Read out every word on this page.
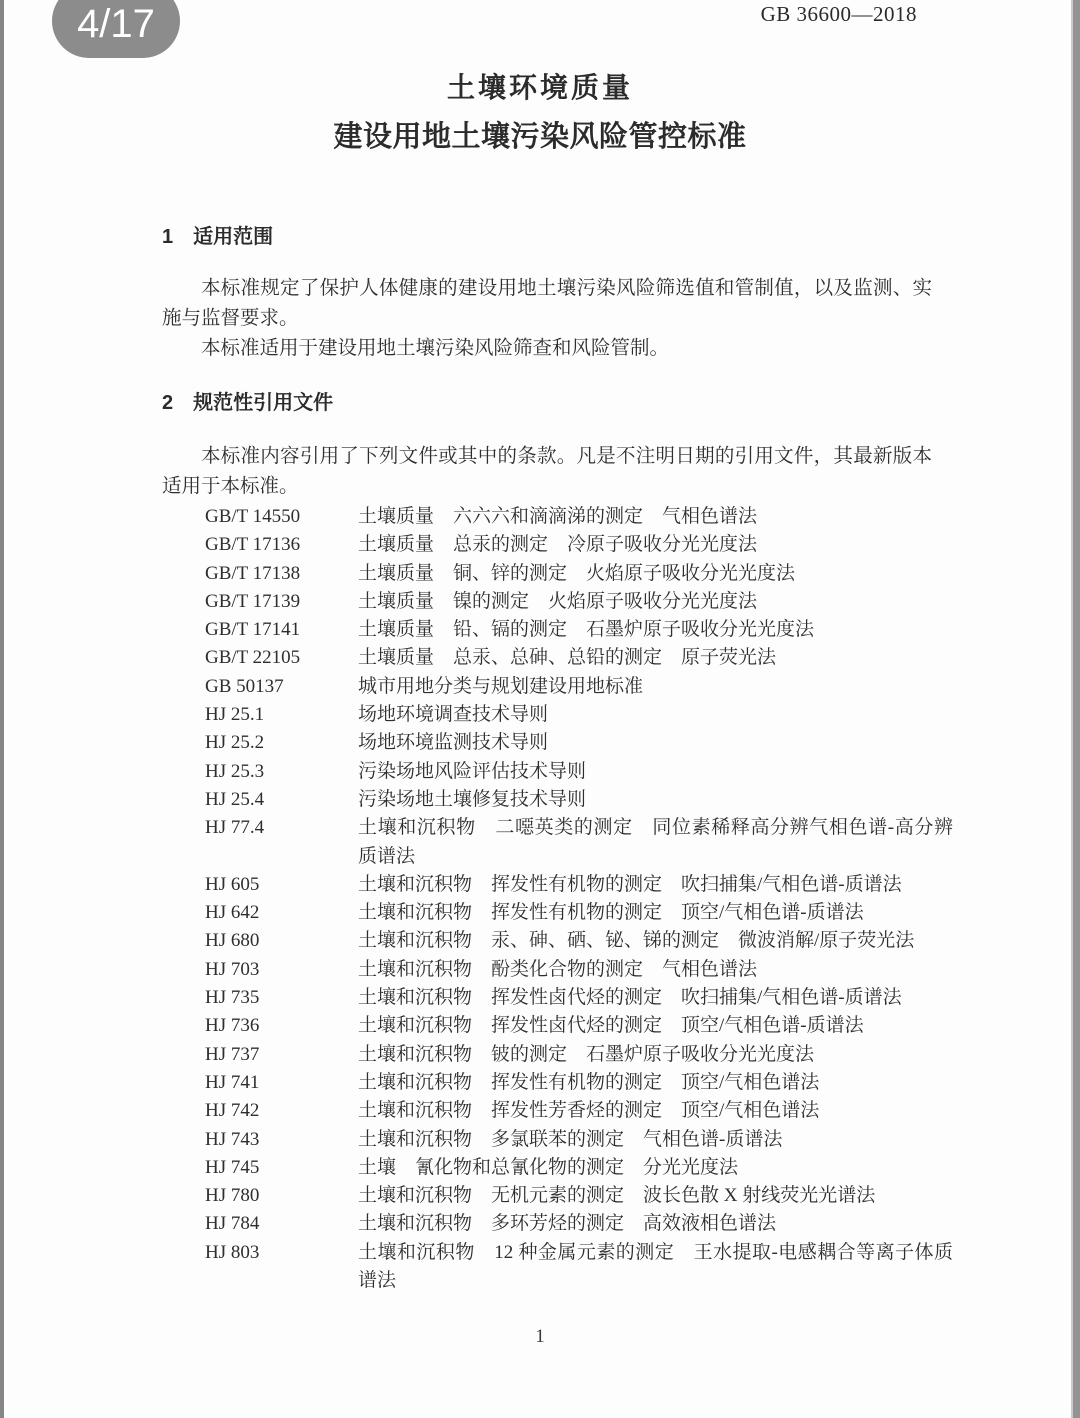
4/17	GB 36600—2018
土壤环境质量
建设用地土壤污染风险管控标准
1　适用范围

本标准规定了保护人体健康的建设用地土壤污染风险筛选值和管制值，以及监测、实施与监督要求。

本标准适用于建设用地土壤污染风险筛查和风险管制。

2　规范性引用文件

本标准内容引用了下列文件或其中的条款。凡是不注明日期的引用文件，其最新版本适用于本标准。

GB/T 14550	土壤质量　六六六和滴滴涕的测定　气相色谱法
GB/T 17136	土壤质量　总汞的测定　冷原子吸收分光光度法
GB/T 17138	土壤质量　铜、锌的测定　火焰原子吸收分光光度法
GB/T 17139	土壤质量　镍的测定　火焰原子吸收分光光度法
GB/T 17141	土壤质量　铅、镉的测定　石墨炉原子吸收分光光度法
GB/T 22105	土壤质量　总汞、总砷、总铅的测定　原子荧光法
GB 50137	城市用地分类与规划建设用地标准
HJ 25.1	场地环境调查技术导则
HJ 25.2	场地环境监测技术导则
HJ 25.3	污染场地风险评估技术导则
HJ 25.4	污染场地土壤修复技术导则
HJ 77.4	土壤和沉积物　二噁英类的测定　同位素稀释高分辨气相色谱-高分辨质谱法
HJ 605	土壤和沉积物　挥发性有机物的测定　吹扫捕集/气相色谱-质谱法
HJ 642	土壤和沉积物　挥发性有机物的测定　顶空/气相色谱-质谱法
HJ 680	土壤和沉积物　汞、砷、硒、铋、锑的测定　微波消解/原子荧光法
HJ 703	土壤和沉积物　酚类化合物的测定　气相色谱法
HJ 735	土壤和沉积物　挥发性卤代烃的测定　吹扫捕集/气相色谱-质谱法
HJ 736	土壤和沉积物　挥发性卤代烃的测定　顶空/气相色谱-质谱法
HJ 737	土壤和沉积物　铍的测定　石墨炉原子吸收分光光度法
HJ 741	土壤和沉积物　挥发性有机物的测定　顶空/气相色谱法
HJ 742	土壤和沉积物　挥发性芳香烃的测定　顶空/气相色谱法
HJ 743	土壤和沉积物　多氯联苯的测定　气相色谱-质谱法
HJ 745	土壤　氰化物和总氰化物的测定　分光光度法
HJ 780	土壤和沉积物　无机元素的测定　波长色散 X 射线荧光光谱法
HJ 784	土壤和沉积物　多环芳烃的测定　高效液相色谱法
HJ 803	土壤和沉积物　12 种金属元素的测定　王水提取-电感耦合等离子体质谱法
1
